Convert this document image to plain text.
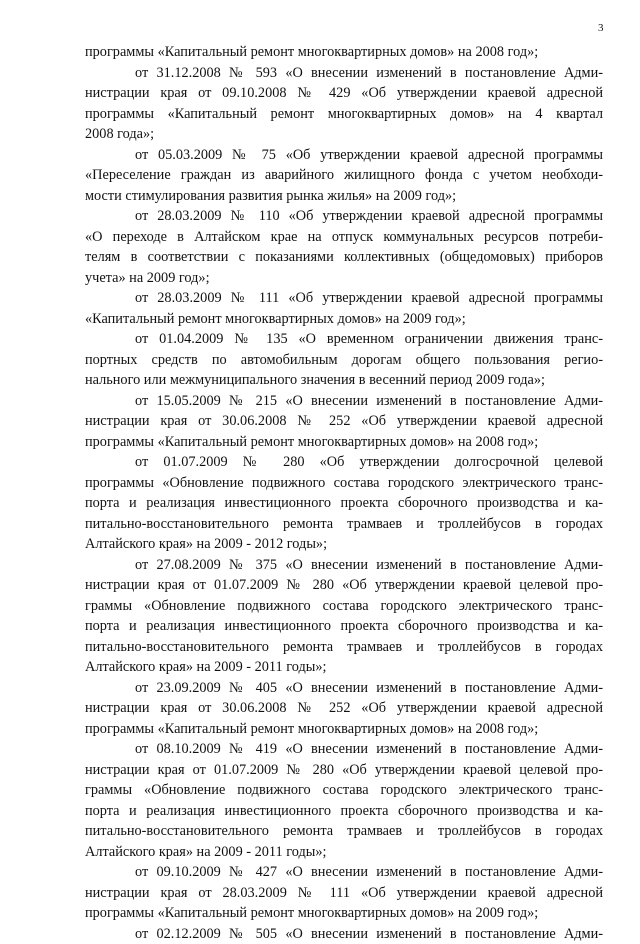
3
программы «Капитальный ремонт многоквартирных домов» на 2008 год»;
от 31.12.2008 № 593 «О внесении изменений в постановление Адми-
нистрации края от 09.10.2008 № 429 «Об утверждении краевой адресной
программы «Капитальный ремонт многоквартирных домов» на 4 квартал
2008 года»;
от 05.03.2009 № 75 «Об утверждении краевой адресной программы
«Переселение граждан из аварийного жилищного фонда с учетом необходи-
мости стимулирования развития рынка жилья» на 2009 год»;
от 28.03.2009 № 110 «Об утверждении краевой адресной программы
«О переходе в Алтайском крае на отпуск коммунальных ресурсов потреби-
телям в соответствии с показаниями коллективных (общедомовых) приборов
учета» на 2009 год»;
от 28.03.2009 № 111 «Об утверждении краевой адресной программы
«Капитальный ремонт многоквартирных домов» на 2009 год»;
от 01.04.2009 № 135 «О временном ограничении движения транс-
портных средств по автомобильным дорогам общего пользования регио-
нального или межмуниципального значения в весенний период 2009 года»;
от 15.05.2009 № 215 «О внесении изменений в постановление Адми-
нистрации края от 30.06.2008 № 252 «Об утверждении краевой адресной
программы «Капитальный ремонт многоквартирных домов» на 2008 год»;
от 01.07.2009 № 280 «Об утверждении долгосрочной целевой
программы «Обновление подвижного состава городского электрического транс-
порта и реализация инвестиционного проекта сборочного производства и ка-
питально-восстановительного ремонта трамваев и троллейбусов в городах
Алтайского края» на 2009 - 2012 годы»;
от 27.08.2009 № 375 «О внесении изменений в постановление Адми-
нистрации края от 01.07.2009 № 280 «Об утверждении краевой целевой про-
граммы «Обновление подвижного состава городского электрического транс-
порта и реализация инвестиционного проекта сборочного производства и ка-
питально-восстановительного ремонта трамваев и троллейбусов в городах
Алтайского края» на 2009 - 2011 годы»;
от 23.09.2009 № 405 «О внесении изменений в постановление Адми-
нистрации края от 30.06.2008 № 252 «Об утверждении краевой адресной
программы «Капитальный ремонт многоквартирных домов» на 2008 год»;
от 08.10.2009 № 419 «О внесении изменений в постановление Адми-
нистрации края от 01.07.2009 № 280 «Об утверждении краевой целевой про-
граммы «Обновление подвижного состава городского электрического транс-
порта и реализация инвестиционного проекта сборочного производства и ка-
питально-восстановительного ремонта трамваев и троллейбусов в городах
Алтайского края» на 2009 - 2011 годы»;
от 09.10.2009 № 427 «О внесении изменений в постановление Адми-
нистрации края от 28.03.2009 № 111 «Об утверждении краевой адресной
программы «Капитальный ремонт многоквартирных домов» на 2009 год»;
от 02.12.2009 № 505 «О внесении изменений в постановление Адми-
